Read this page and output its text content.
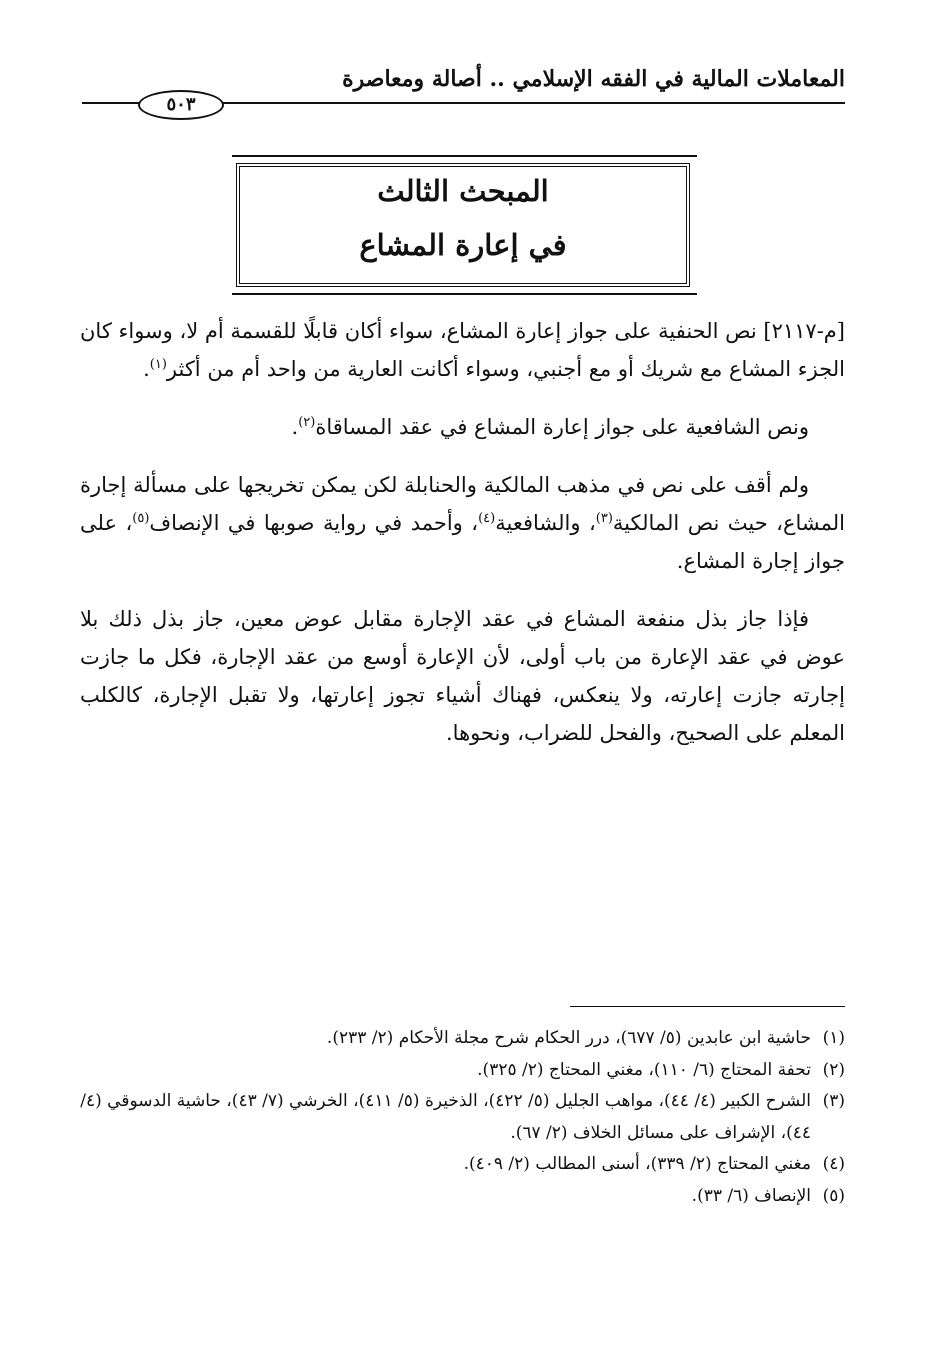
المعاملات المالية في الفقه الإسلامي .. أصالة ومعاصرة
٥٠٣
المبحث الثالث
في إعارة المشاع

[م-٢١١٧] نص الحنفية على جواز إعارة المشاع، سواء أكان قابلًا للقسمة أم لا، وسواء كان الجزء المشاع مع شريك أو مع أجنبي، وسواء أكانت العارية من واحد أم من أكثر$^{(١)}$.

ونص الشافعية على جواز إعارة المشاع في عقد المساقاة$^{(٢)}$.

ولم أقف على نص في مذهب المالكية والحنابلة لكن يمكن تخريجها على مسألة إجارة المشاع، حيث نص المالكية$^{(٣)}$، والشافعية$^{(٤)}$، وأحمد في رواية صوبها في الإنصاف$^{(٥)}$، على جواز إجارة المشاع.

فإذا جاز بذل منفعة المشاع في عقد الإجارة مقابل عوض معين، جاز بذل ذلك بلا عوض في عقد الإعارة من باب أولى، لأن الإعارة أوسع من عقد الإجارة، فكل ما جازت إجارته جازت إعارته، ولا ينعكس، فهناك أشياء تجوز إعارتها، ولا تقبل الإجارة، كالكلب المعلم على الصحيح، والفحل للضراب، ونحوها.

(١)
حاشية ابن عابدين (٥/ ٦٧٧)، درر الحكام شرح مجلة الأحكام (٢/ ٢٣٣).
(٢)
تحفة المحتاج (٦/ ١١٠)، مغني المحتاج (٢/ ٣٢٥).
(٣)
الشرح الكبير (٤/ ٤٤)، مواهب الجليل (٥/ ٤٢٢)، الذخيرة (٥/ ٤١١)، الخرشي (٧/ ٤٣)، حاشية الدسوقي (٤/ ٤٤)، الإشراف على مسائل الخلاف (٢/ ٦٧).
(٤)
مغني المحتاج (٢/ ٣٣٩)، أسنى المطالب (٢/ ٤٠٩).
(٥)
الإنصاف (٦/ ٣٣).
